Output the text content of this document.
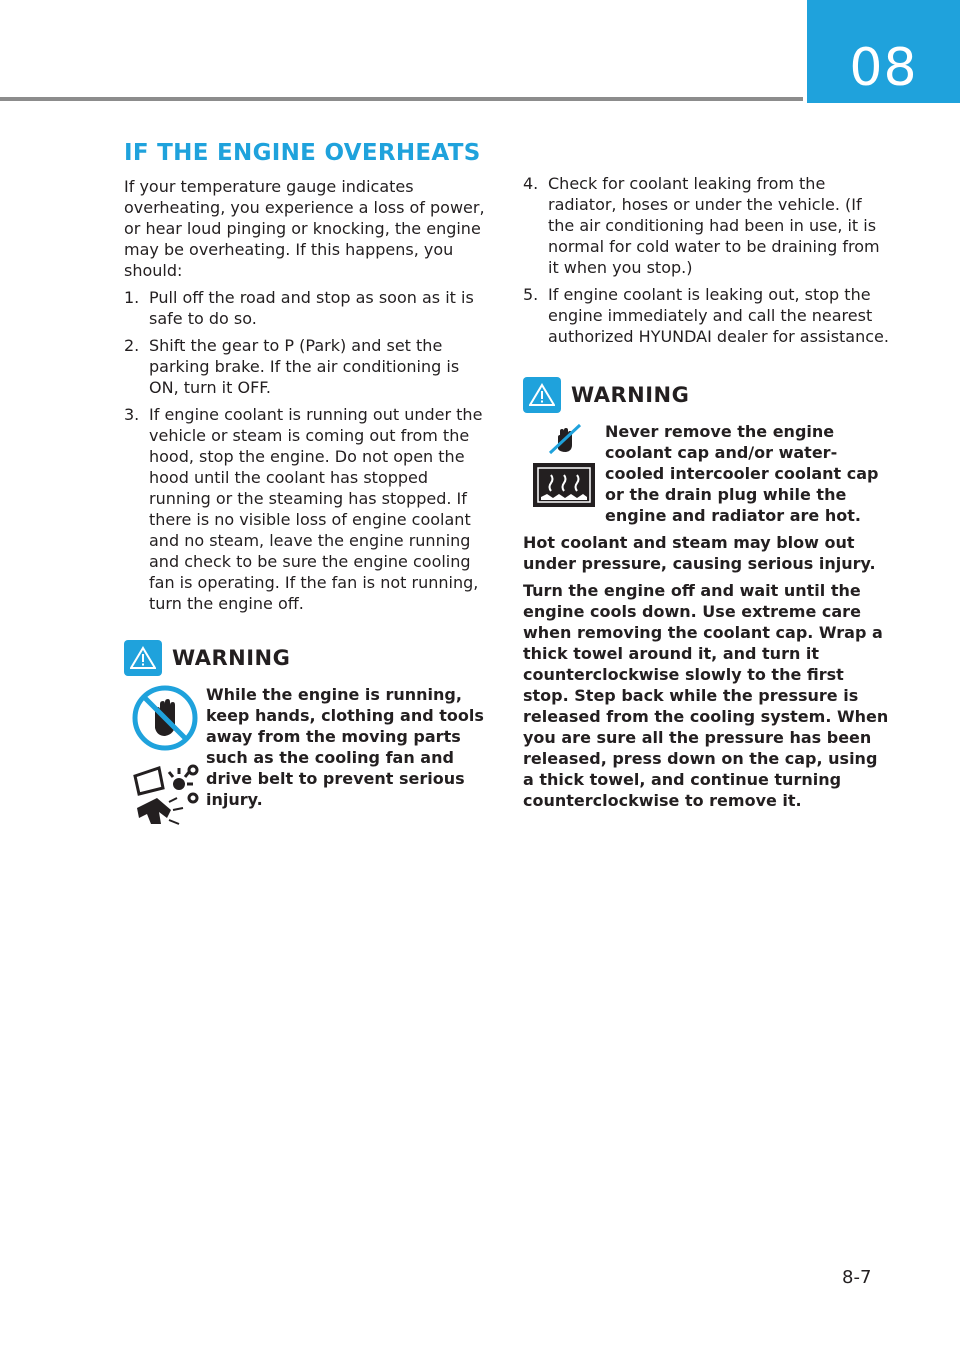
08
IF THE ENGINE OVERHEATS

If your temperature gauge indicates overheating, you experience a loss of power, or hear loud pinging or knocking, the engine may be overheating. If this happens, you should:

1. Pull off the road and stop as soon as it is safe to do so.
2. Shift the gear to P (Park) and set the parking brake. If the air conditioning is ON, turn it OFF.
3. If engine coolant is running out under the vehicle or steam is coming out from the hood, stop the engine. Do not open the hood until the coolant has stopped running or the steaming has stopped. If there is no visible loss of engine coolant and no steam, leave the engine running and check to be sure the engine cooling fan is operating. If the fan is not running, turn the engine off.
WARNING
While the engine is running, keep hands, clothing and tools away from the moving parts such as the cooling fan and drive belt to prevent serious injury.
4. Check for coolant leaking from the radiator, hoses or under the vehicle. (If the air conditioning had been in use, it is normal for cold water to be draining from it when you stop.)
5. If engine coolant is leaking out, stop the engine immediately and call the nearest authorized HYUNDAI dealer for assistance.
WARNING
Never remove the engine coolant cap and/or water-cooled intercooler coolant cap or the drain plug while the engine and radiator are hot.

Hot coolant and steam may blow out under pressure, causing serious injury.

Turn the engine off and wait until the engine cools down. Use extreme care when removing the coolant cap. Wrap a thick towel around it, and turn it counterclockwise slowly to the first stop. Step back while the pressure is released from the cooling system. When you are sure all the pressure has been released, press down on the cap, using a thick towel, and continue turning counterclockwise to remove it.

8-7
